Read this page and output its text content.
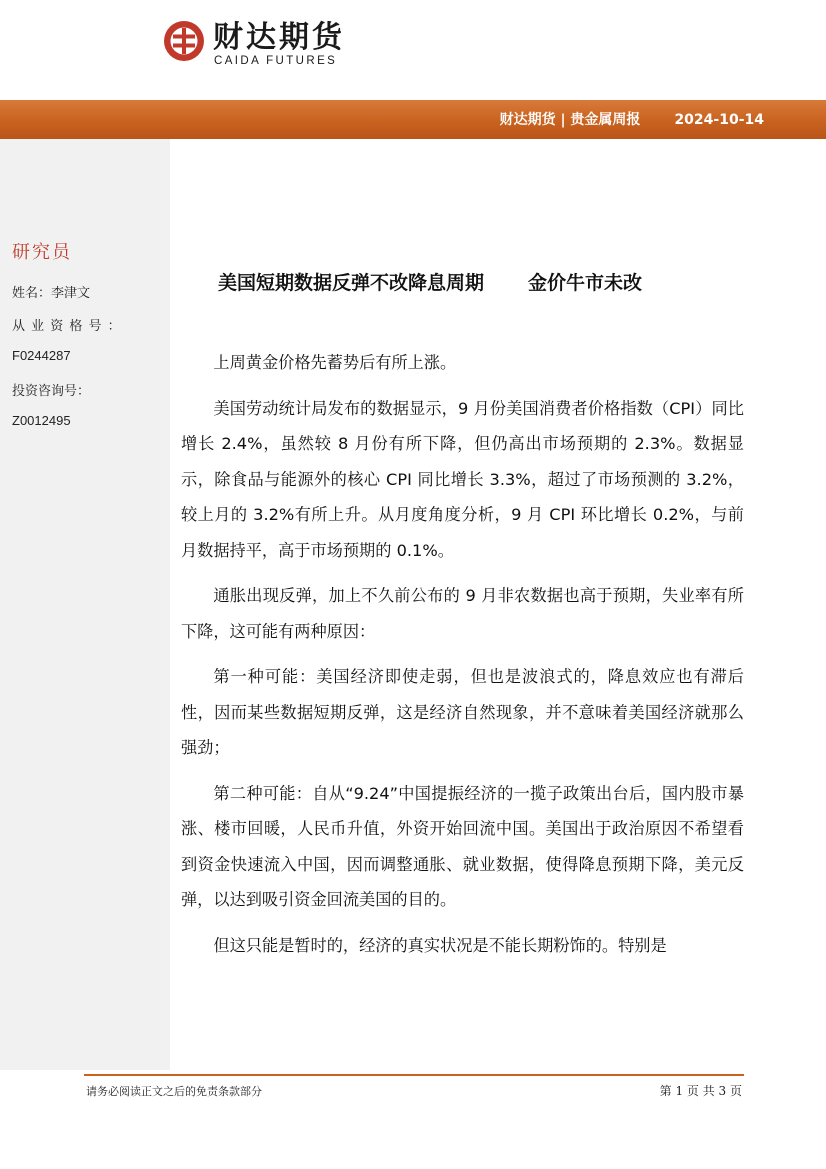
财达期货
CAIDA FUTURES
财达期货 | 贵金属周报 2024-10-14
研究员
姓名：李津文
从 业 资 格 号 ：
F0244287
投资咨询号：
Z0012495
美国短期数据反弹不改降息周期 金价牛市未改

上周黄金价格先蓄势后有所上涨。

美国劳动统计局发布的数据显示，9 月份美国消费者价格指数（CPI）同比增长 2.4%，虽然较 8 月份有所下降，但仍高出市场预期的 2.3%。数据显示，除食品与能源外的核心 CPI 同比增长 3.3%，超过了市场预测的 3.2%，较上月的 3.2%有所上升。从月度角度分析，9 月 CPI 环比增长 0.2%，与前月数据持平，高于市场预期的 0.1%。

通胀出现反弹，加上不久前公布的 9 月非农数据也高于预期，失业率有所下降，这可能有两种原因：

第一种可能：美国经济即使走弱，但也是波浪式的，降息效应也有滞后性，因而某些数据短期反弹，这是经济自然现象，并不意味着美国经济就那么强劲；

第二种可能：自从“9.24”中国提振经济的一揽子政策出台后，国内股市暴涨、楼市回暖，人民币升值，外资开始回流中国。美国出于政治原因不希望看到资金快速流入中国，因而调整通胀、就业数据，使得降息预期下降，美元反弹，以达到吸引资金回流美国的目的。

但这只能是暂时的，经济的真实状况是不能长期粉饰的。特别是

请务必阅读正文之后的免责条款部分	第 1 页 共 3 页
